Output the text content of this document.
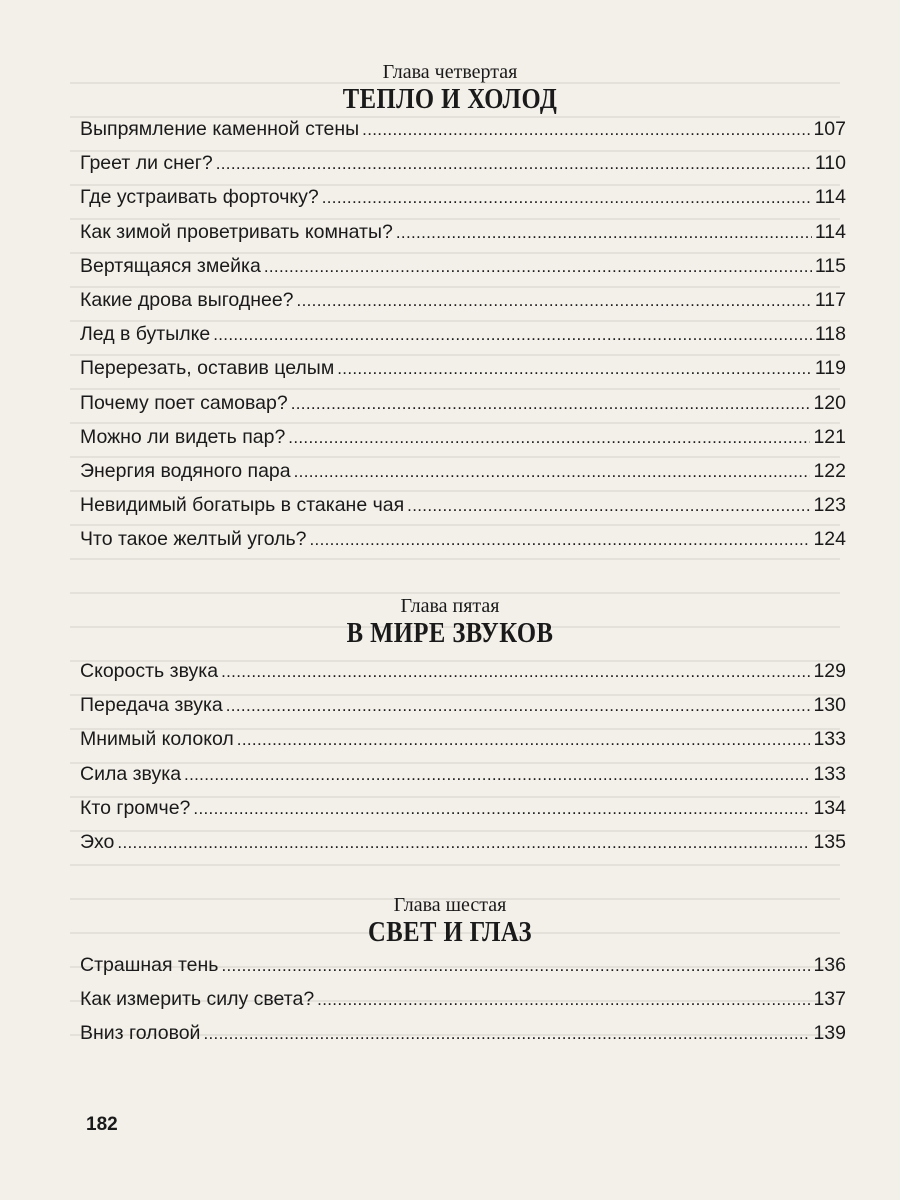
Глава четвертая
ТЕПЛО И ХОЛОД
Выпрямление каменной стены . . .	107
Греет ли снег? . . .	110
Где устраивать форточку? . . .	114
Как зимой проветривать комнаты? . . .	114
Вертящаяся змейка . . .	115
Какие дрова выгоднее? . . .	117
Лед в бутылке . . .	118
Перерезать, оставив целым . . .	119
Почему поет самовар? . . .	120
Можно ли видеть пар? . . .	121
Энергия водяного пара . . .	122
Невидимый богатырь в стакане чая . . .	123
Что такое желтый уголь? . . .	124
Глава пятая
В МИРЕ ЗВУКОВ
Скорость звука . . .	129
Передача звука . . .	130
Мнимый колокол . . .	133
Сила звука . . .	133
Кто громче? . . .	134
Эхо . . .	135
Глава шестая
СВЕТ И ГЛАЗ
Страшная тень . . .	136
Как измерить силу света? . . .	137
Вниз головой . . .	139
182
